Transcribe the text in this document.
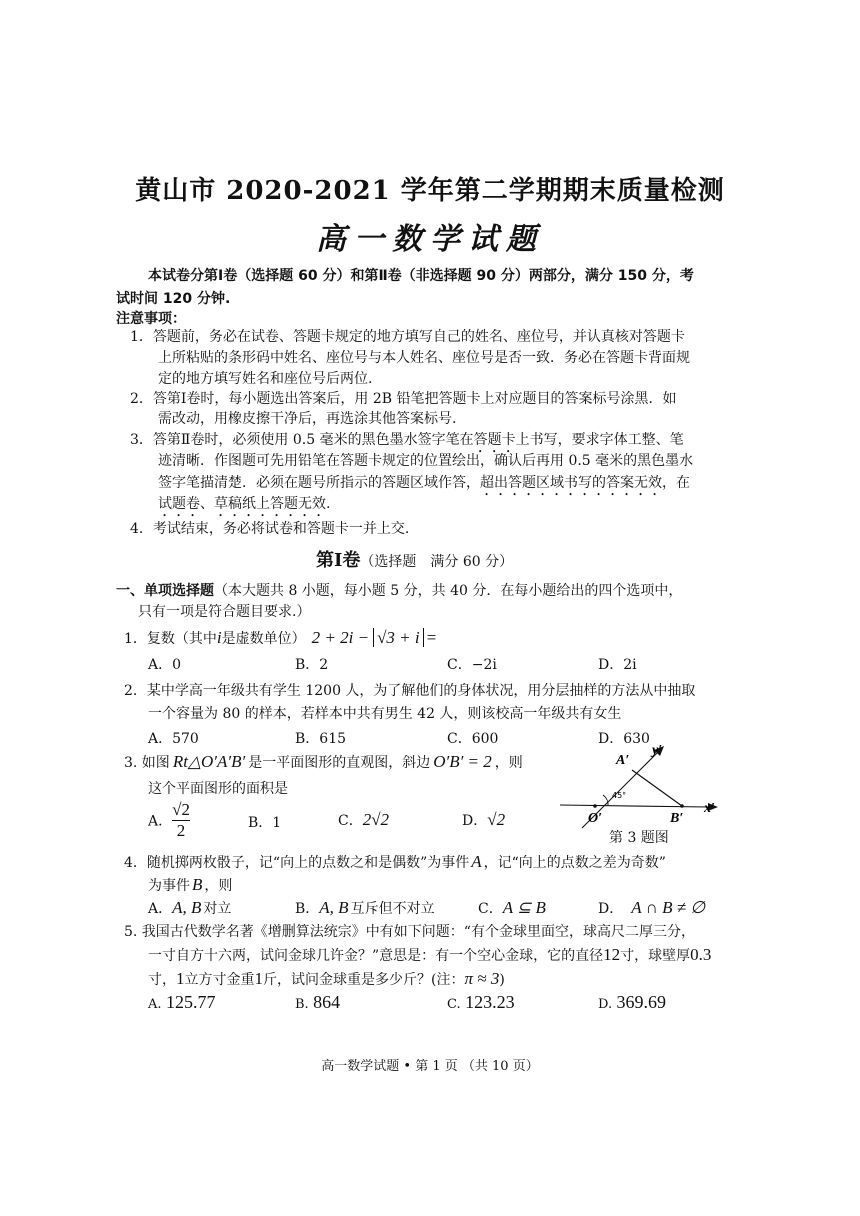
黄山市 2020-2021 学年第二学期期末质量检测
高一数学试题
本试卷分第Ⅰ卷（选择题 60 分）和第Ⅱ卷（非选择题 90 分）两部分，满分 150 分，考
试时间 120 分钟.
注意事项：
1．答题前，务必在试卷、答题卡规定的地方填写自己的姓名、座位号，并认真核对答题卡
上所粘贴的条形码中姓名、座位号与本人姓名、座位号是否一致．务必在答题卡背面规
定的地方填写姓名和座位号后两位.
2．答第Ⅰ卷时，每小题选出答案后，用 2B 铅笔把答题卡上对应题目的答案标号涂黑．如
需改动，用橡皮擦干净后，再选涂其他答案标号.
3．答第Ⅱ卷时，必须使用 0.5 毫米的黑色墨水签字笔在答题卡上书写，要求字体工整、笔
迹清晰．作图题可先用铅笔在答题卡规定的位置绘出，确认后再用 0.5 毫米的黑色墨水
签字笔描清楚．必须在题号所指示的答题区域作答，超出答题区域书写的答案无效，在
试题卷、草稿纸上答题无效.
4．考试结束，务必将试卷和答题卡一并上交.
第Ⅰ卷（选择题　满分 60 分）
一、单项选择题（本大题共 8 小题，每小题 5 分，共 40 分．在每小题给出的四个选项中，
只有一项是符合题目要求.）
1．复数（其中i是虚数单位） 2 + 2i − √3 + i =
A．0	B．2	C．−2i	D．2i
2．某中学高一年级共有学生 1200 人，为了解他们的身体状况，用分层抽样的方法从中抽取
一个容量为 80 的样本，若样本中共有男生 42 人，则该校高一年级共有女生
A．570	B．615	C．600	D．630
3. 如图 Rt△O′A′B′ 是一平面图形的直观图，斜边 O′B′ = 2 ，则
这个平面图形的面积是
A． $\frac{√2}{2}$	B．1	C．2√2	D．√2
A′
y′
45°
O′	B′
x′
第 3 题图
4．随机掷两枚骰子，记“向上的点数之和是偶数”为事件 A ，记“向上的点数之差为奇数”
为事件 B ，则
A．A, B 对立	B．A, B 互斥但不对立	C．A ⊆ B	D． A ∩ B ≠ ∅
5. 我国古代数学名著《增删算法统宗》中有如下问题：“有个金球里面空，球高尺二厚三分，
一寸自方十六两，试问金球几许金？”意思是：有一个空心金球，它的直径12寸，球壁厚0.3
寸，1立方寸金重1斤，试问金球重是多少斤？(注：π ≈ 3)
A. 125.77	B. 864	C. 123.23	D. 369.69
高一数学试题 • 第 1 页 （共 10 页）
